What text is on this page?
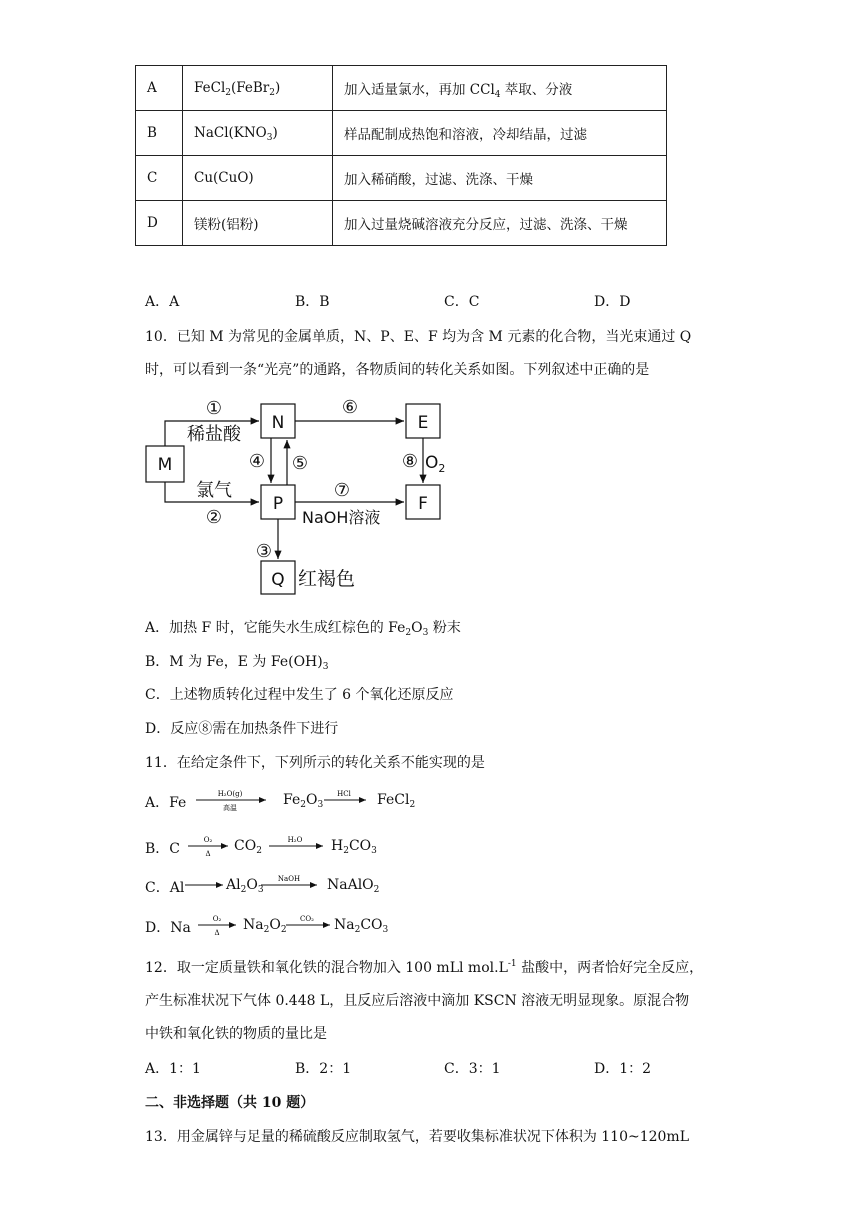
A	FeCl$_2$(FeBr$_2$)	加入适量氯水，再加 CCl$_4$ 萃取、分液
B	$NaCl(KNO_3)$	样品配制成热饱和溶液，冷却结晶，过滤
C	Cu(CuO)	加入稀硝酸，过滤、洗涤、干燥
D	镁粉(铝粉)	加入过量烧碱溶液充分反应，过滤、洗涤、干燥
A．A	B．B	C．C	D．D
10．已知 M 为常见的金属单质，N、P、E、F 均为含 M 元素的化合物，当光束通过 Q
时，可以看到一条“光亮”的通路，各物质间的转化关系如图。下列叙述中正确的是
M
N	E
P	F
Q
①
稀盐酸
氯气
②
③
红褐色
④ ⑤
⑥
⑦
NaOH溶液
⑧ $O_2$
A．加热 F 时，它能失水生成红棕色的 $Fe_2O_3$ 粉末
B．M 为 Fe，E 为 $Fe(OH)_3$
C．上述物质转化过程中发生了 6 个氧化还原反应
D．反应⑧需在加热条件下进行
11．在给定条件下，下列所示的转化关系不能实现的是
A．Fe
H₂O(g)
高温	$Fe_2O_3$
HCl FeCl$_2$
B．C
O₂
Δ $CO_2$
H₂O $H_2CO_3$
C．Al	$Al_2O_3$
NaOH NaAlO$_2$
D．Na
O₂
Δ $Na_2O_2$
CO₂ $Na_2CO_3$
12．取一定质量铁和氧化铁的混合物加入 100 mLl $mol.L^{-1}$ 盐酸中，两者恰好完全反应，
产生标准状况下气体 0.448 L，且反应后溶液中滴加 KSCN 溶液无明显现象。原混合物
中铁和氧化铁的物质的量比是
A．1：1	B．2：1	C．3：1	D．1：2
二、非选择题（共 10 题）
13．用金属锌与足量的稀硫酸反应制取氢气，若要收集标准状况下体积为 110~120mL
